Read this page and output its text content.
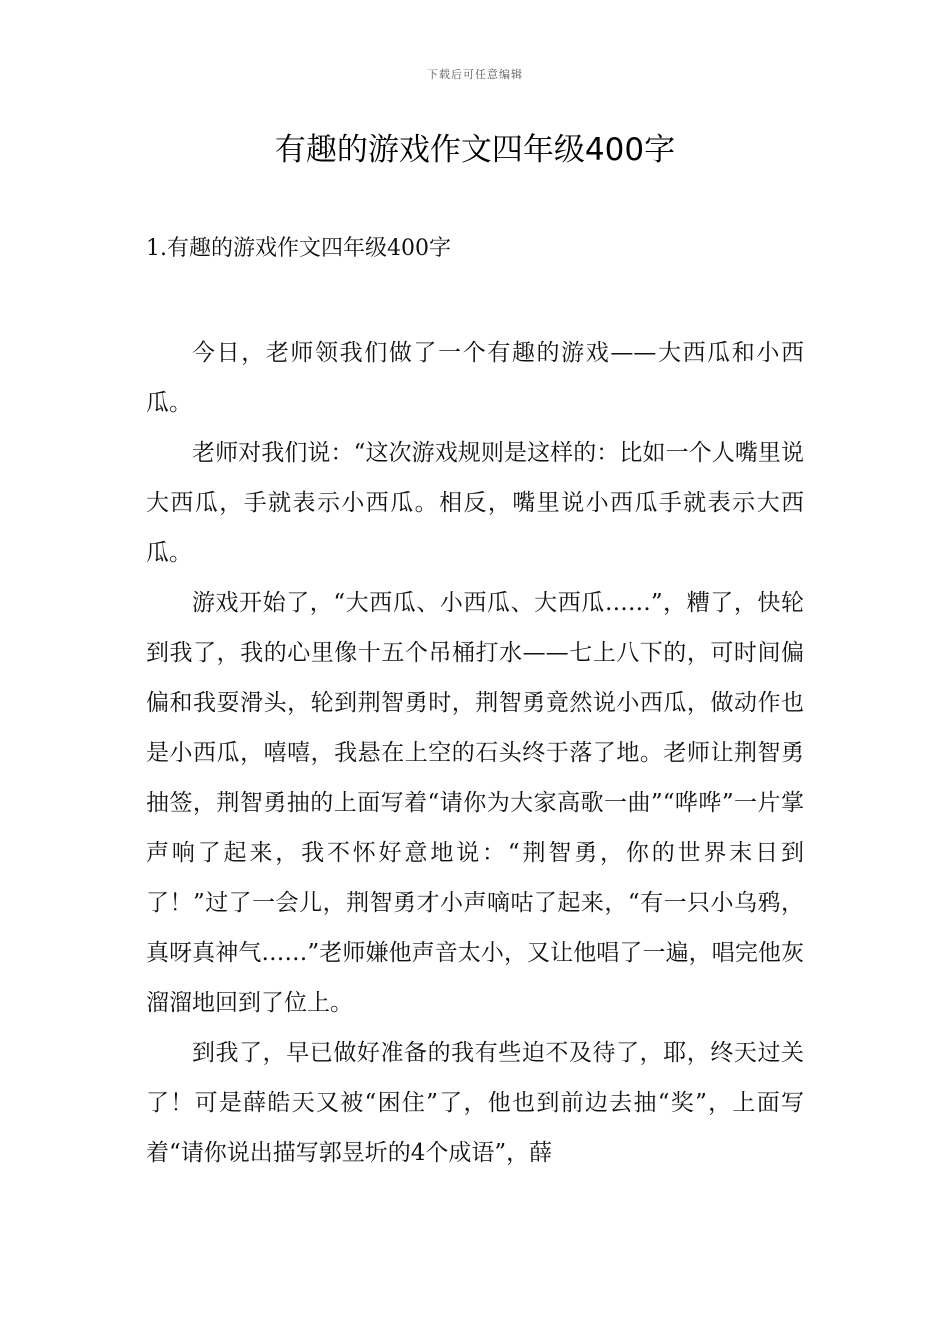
下载后可任意编辑
有趣的游戏作文四年级400字
1.有趣的游戏作文四年级400字

今日，老师领我们做了一个有趣的游戏——大西瓜和小西瓜。

老师对我们说：“这次游戏规则是这样的：比如一个人嘴里说大西瓜，手就表示小西瓜。相反，嘴里说小西瓜手就表示大西瓜。

游戏开始了，“大西瓜、小西瓜、大西瓜……”，糟了，快轮到我了，我的心里像十五个吊桶打水——七上八下的，可时间偏偏和我耍滑头，轮到荆智勇时，荆智勇竟然说小西瓜，做动作也是小西瓜，嘻嘻，我悬在上空的石头终于落了地。老师让荆智勇抽签，荆智勇抽的上面写着“请你为大家高歌一曲”“哗哗”一片掌声响了起来，我不怀好意地说：“荆智勇，你的世界末日到了！”过了一会儿，荆智勇才小声嘀咕了起来，“有一只小乌鸦，真呀真神气……”老师嫌他声音太小，又让他唱了一遍，唱完他灰溜溜地回到了位上。

到我了，早已做好准备的我有些迫不及待了，耶，终天过关了！可是薛皓天又被“困住”了，他也到前边去抽“奖”，上面写着“请你说出描写郭昱圻的4个成语”，薛
